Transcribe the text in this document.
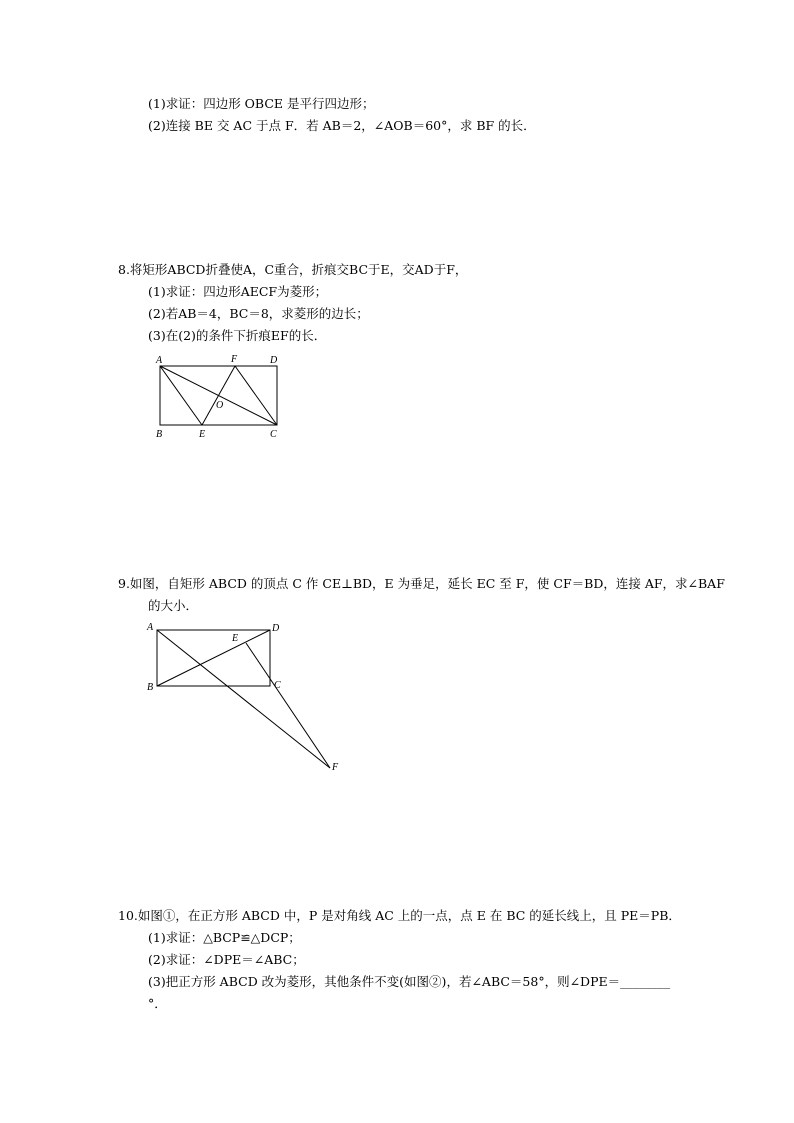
(1)求证：四边形 OBCE 是平行四边形；
(2)连接 BE 交 AC 于点 F．若 AB＝2，∠AOB＝60°，求 BF 的长．
8.将矩形ABCD折叠使A，C重合，折痕交BC于E，交AD于F，
(1)求证：四边形AECF为菱形；
(2)若AB＝4，BC＝8，求菱形的边长；
(3)在(2)的条件下折痕EF的长．
A	F	D
O
B	E	C
9.如图，自矩形 ABCD 的顶点 C 作 CE⊥BD，E 为垂足，延长 EC 至 F，使 CF＝BD，连接 AF，求∠BAF
的大小．
A
E
D
B	C
F
10.如图①，在正方形 ABCD 中，P 是对角线 AC 上的一点，点 E 在 BC 的延长线上，且 PE＝PB．
(1)求证：△BCP≌△DCP；
(2)求证：∠DPE＝∠ABC；
(3)把正方形 ABCD 改为菱形，其他条件不变(如图②)，若∠ABC＝58°，则∠DPE＝________
°．
